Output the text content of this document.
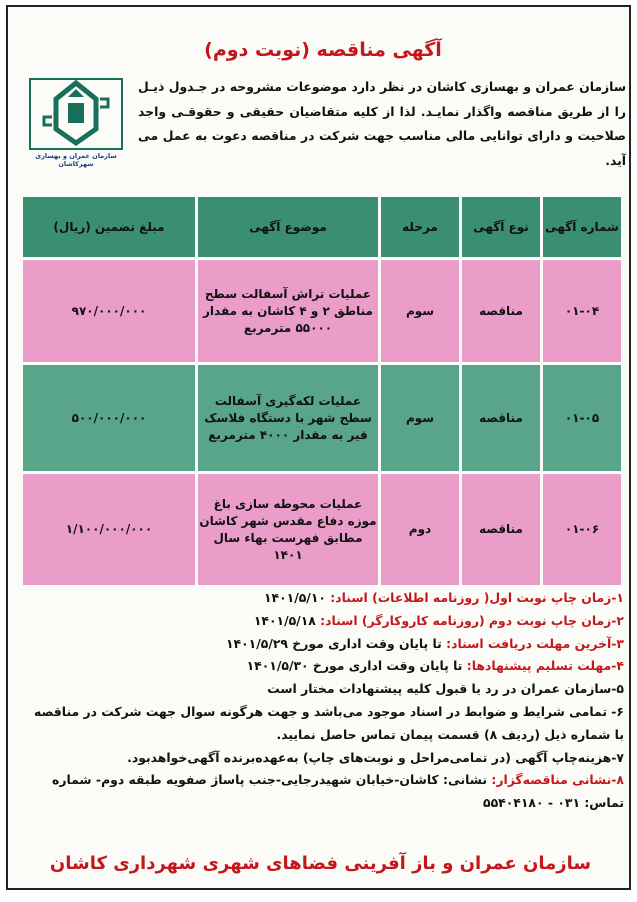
آگهی مناقصه (نوبت دوم)
سازمان عمران و بهسازی شهرکاشان
سازمان عمران و بهسازی کاشان در نظر دارد موضوعات مشروحه در جـدول ذیـل را از طریق مناقصه واگذار نمایـد. لذا از کلیه متقاضیان حقیقی و حقوقـی واجد صلاحیت و دارای توانایی مالی مناسب جهت شرکت در مناقصه دعوت به عمل می آید.
شماره آگهی	نوع آگهی	مرحله	موضوع آگهی	مبلغ تضمین (ریال)
۰۱-۰۴	مناقصه	سوم	عملیات تراش آسفالت سطح مناطق ۲ و ۴ کاشان به مقدار ۵۵۰۰۰ مترمربع	۹۷۰/۰۰۰/۰۰۰
۰۱-۰۵	مناقصه	سوم	عملیات لکه‌گیری آسفالت سطح شهر با دستگاه فلاسک قیر به مقدار ۴۰۰۰ مترمربع	۵۰۰/۰۰۰/۰۰۰
۰۱-۰۶	مناقصه	دوم	عملیات محوطه سازی باغ موزه دفاع مقدس شهر کاشان مطابق فهرست بهاء سال ۱۴۰۱	۱/۱۰۰/۰۰۰/۰۰۰
۱-زمان چاپ نوبت اول( روزنامه اطلاعات) اسناد: ۱۴۰۱/۵/۱۰
۲-زمان چاپ نوبت دوم (روزنامه کاروکارگر) اسناد: ۱۴۰۱/۵/۱۸
۳-آخرین مهلت دریافت اسناد: تا پایان وقت اداری مورخ ۱۴۰۱/۵/۲۹
۴-مهلت تسلیم پیشنهادها: تا پایان وقت اداری مورخ ۱۴۰۱/۵/۳۰
۵-سازمان عمران در رد یا قبول کلیه پیشنهادات مختار است
۶- تمامی شرایط و ضوابط در اسناد موجود می‌باشد و جهت هرگونه سوال جهت شرکت در مناقصه با شماره ذیل (ردیف ۸) قسمت پیمان تماس حاصل نمایید.
۷-هزینه‌چاپ آگهی (در تمامی‌مراحل و نوبت‌های چاپ) به‌عهده‌برنده آگهی‌خواهدبود.
۸-نشانی مناقصه‌گزار: نشانی: کاشان-خیابان شهیدرجایی-جنب پاساژ صفویه طبقه دوم- شماره تماس: ۰۳۱ - ۵۵۴۰۴۱۸۰
سازمان عمران و باز آفرینی فضاهای شهری شهرداری کاشان
